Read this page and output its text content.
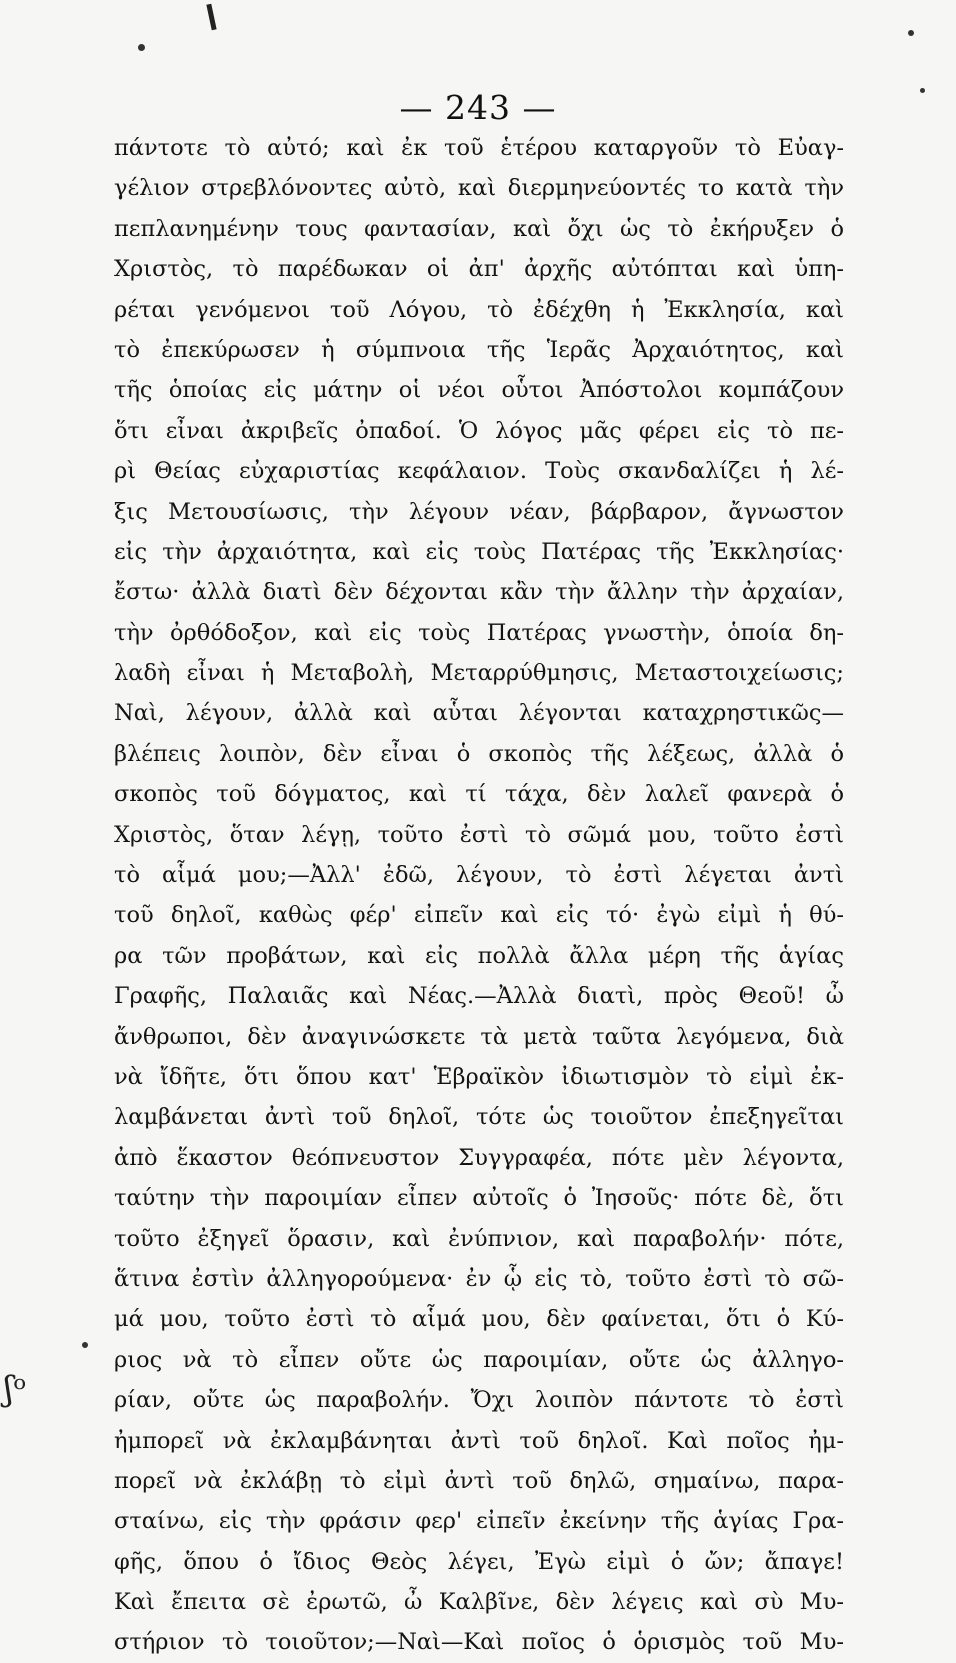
— 243 —
πάντοτε τὸ αὐτό; καὶ ἐκ τοῦ ἑτέρου καταργοῦν τὸ Εὐαγ-
γέλιον στρεβλόνοντες αὐτὸ, καὶ διερμηνεύοντές το κατὰ τὴν
πεπλανημένην τους φαντασίαν, καὶ ὄχι ὡς τὸ ἐκήρυξεν ὁ
Χριστὸς, τὸ παρέδωκαν οἱ ἀπ' ἀρχῆς αὐτόπται καὶ ὑπη-
ρέται γενόμενοι τοῦ Λόγου, τὸ ἐδέχθη ἡ Ἐκκλησία, καὶ
τὸ ἐπεκύρωσεν ἡ σύμπνοια τῆς Ἱερᾶς Ἀρχαιότητος, καὶ
τῆς ὁποίας εἰς μάτην οἱ νέοι οὗτοι Ἀπόστολοι κομπάζουν
ὅτι εἶναι ἀκριβεῖς ὀπαδοί. Ὁ λόγος μᾶς φέρει εἰς τὸ πε-
ρὶ Θείας εὐχαριστίας κεφάλαιον. Τοὺς σκανδαλίζει ἡ λέ-
ξις Μετουσίωσις, τὴν λέγουν νέαν, βάρβαρον, ἄγνωστον
εἰς τὴν ἀρχαιότητα, καὶ εἰς τοὺς Πατέρας τῆς Ἐκκλησίας·
ἔστω· ἀλλὰ διατὶ δὲν δέχονται κἂν τὴν ἄλλην τὴν ἀρχαίαν,
τὴν ὀρθόδοξον, καὶ εἰς τοὺς Πατέρας γνωστὴν, ὁποία δη-
λαδὴ εἶναι ἡ Μεταβολὴ, Μεταρρύθμησις, Μεταστοιχείωσις;
Ναὶ, λέγουν, ἀλλὰ καὶ αὗται λέγονται καταχρηστικῶς—
βλέπεις λοιπὸν, δὲν εἶναι ὁ σκοπὸς τῆς λέξεως, ἀλλὰ ὁ
σκοπὸς τοῦ δόγματος, καὶ τί τάχα, δὲν λαλεῖ φανερὰ ὁ
Χριστὸς, ὅταν λέγῃ, τοῦτο ἐστὶ τὸ σῶμά μου, τοῦτο ἐστὶ
τὸ αἷμά μου;—Ἀλλ' ἐδῶ, λέγουν, τὸ ἐστὶ λέγεται ἀντὶ
τοῦ δηλοῖ, καθὼς φέρ' εἰπεῖν καὶ εἰς τό· ἐγὼ εἰμὶ ἡ θύ-
ρα τῶν προβάτων, καὶ εἰς πολλὰ ἄλλα μέρη τῆς ἁγίας
Γραφῆς, Παλαιᾶς καὶ Νέας.—Ἀλλὰ διατὶ, πρὸς Θεοῦ! ὦ
ἄνθρωποι, δὲν ἀναγινώσκετε τὰ μετὰ ταῦτα λεγόμενα, διὰ
νὰ ἴδῆτε, ὅτι ὅπου κατ' Ἑβραϊκὸν ἰδιωτισμὸν τὸ εἰμὶ ἐκ-
λαμβάνεται ἀντὶ τοῦ δηλοῖ, τότε ὡς τοιοῦτον ἐπεξηγεῖται
ἀπὸ ἕκαστον θεόπνευστον Συγγραφέα, πότε μὲν λέγοντα,
ταύτην τὴν παροιμίαν εἶπεν αὐτοῖς ὁ Ἰησοῦς· πότε δὲ, ὅτι
τοῦτο ἐξηγεῖ ὅρασιν, καὶ ἐνύπνιον, καὶ παραβολήν· πότε,
ἅτινα ἐστὶν ἀλληγορούμενα· ἐν ᾧ εἰς τὸ, τοῦτο ἐστὶ τὸ σῶ-
μά μου, τοῦτο ἐστὶ τὸ αἷμά μου, δὲν φαίνεται, ὅτι ὁ Κύ-
ριος νὰ τὸ εἶπεν οὔτε ὡς παροιμίαν, οὔτε ὡς ἀλληγο-
ρίαν, οὔτε ὡς παραβολήν. Ὄχι λοιπὸν πάντοτε τὸ ἐστὶ
ἠμπορεῖ νὰ ἐκλαμβάνηται ἀντὶ τοῦ δηλοῖ. Καὶ ποῖος ἠμ-
πορεῖ νὰ ἐκλάβῃ τὸ εἰμὶ ἀντὶ τοῦ δηλῶ, σημαίνω, παρα-
σταίνω, εἰς τὴν φράσιν φερ' εἰπεῖν ἐκείνην τῆς ἁγίας Γρα-
φῆς, ὅπου ὁ ἴδιος Θεὸς λέγει, Ἐγὼ εἰμὶ ὁ ὤν; ἄπαγε!
Καὶ ἔπειτα σὲ ἐρωτῶ, ὦ Καλβῖνε, δὲν λέγεις καὶ σὺ Μυ-
στήριον τὸ τοιοῦτον;—Ναὶ—Καὶ ποῖος ὁ ὁρισμὸς τοῦ Μυ-
ʃᵒ
